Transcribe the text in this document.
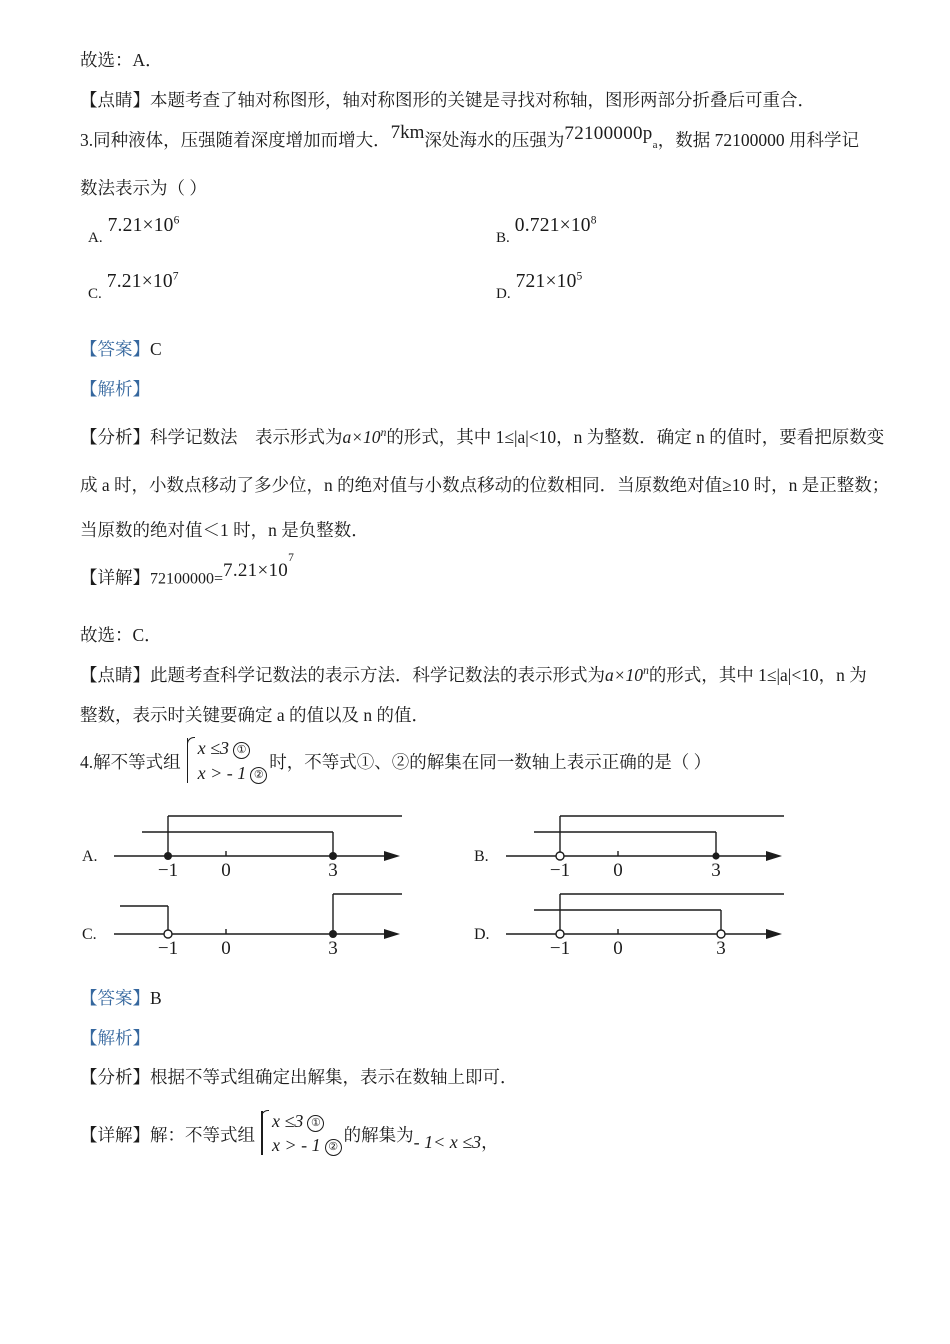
故选：A．
【点睛】本题考查了轴对称图形，轴对称图形的关键是寻找对称轴，图形两部分折叠后可重合．
3.同种液体，压强随着深度增加而增大．7km深处海水的压强为$72100000p_a$，数据 72100000 用科学记
数法表示为（ ）
$A.7.21\times 10^6$
$B.0.721\times 10^8$
$C.7.21\times 10^7$
$D.721\times 10^5$
【答案】C
【解析】
【分析】科学记数法　表示形式为$a\times 10^n$的形式，其中 1≤|a|<10，n 为整数．确定 n 的值时，要看把原数变
成 a 时，小数点移动了多少位，n 的绝对值与小数点移动的位数相同．当原数绝对值≥10 时，n 是正整数；
当原数的绝对值＜1 时，n 是负整数．
【详解】$72100000=7.21\times 10^7$
故选：C．
【点睛】此题考查科学记数法的表示方法．科学记数法的表示形式为$a\times 10^n$的形式，其中 1≤|a|<10，n 为
整数，表示时关键要确定 a 的值以及 n 的值．
4.解不等式组
x ≤3 ①
x > - 1 ②
时，不等式①、②的解集在同一数轴上表示正确的是（ ）
A.
−1 0	3
B.
−1 0	3
C.
−1 0	3
D.
−1 0	3
【答案】B
【解析】
【分析】根据不等式组确定出解集，表示在数轴上即可．
【详解】解：不等式组
x ≤3 ①
x > - 1 ②
的解集为- 1< x ≤3，
